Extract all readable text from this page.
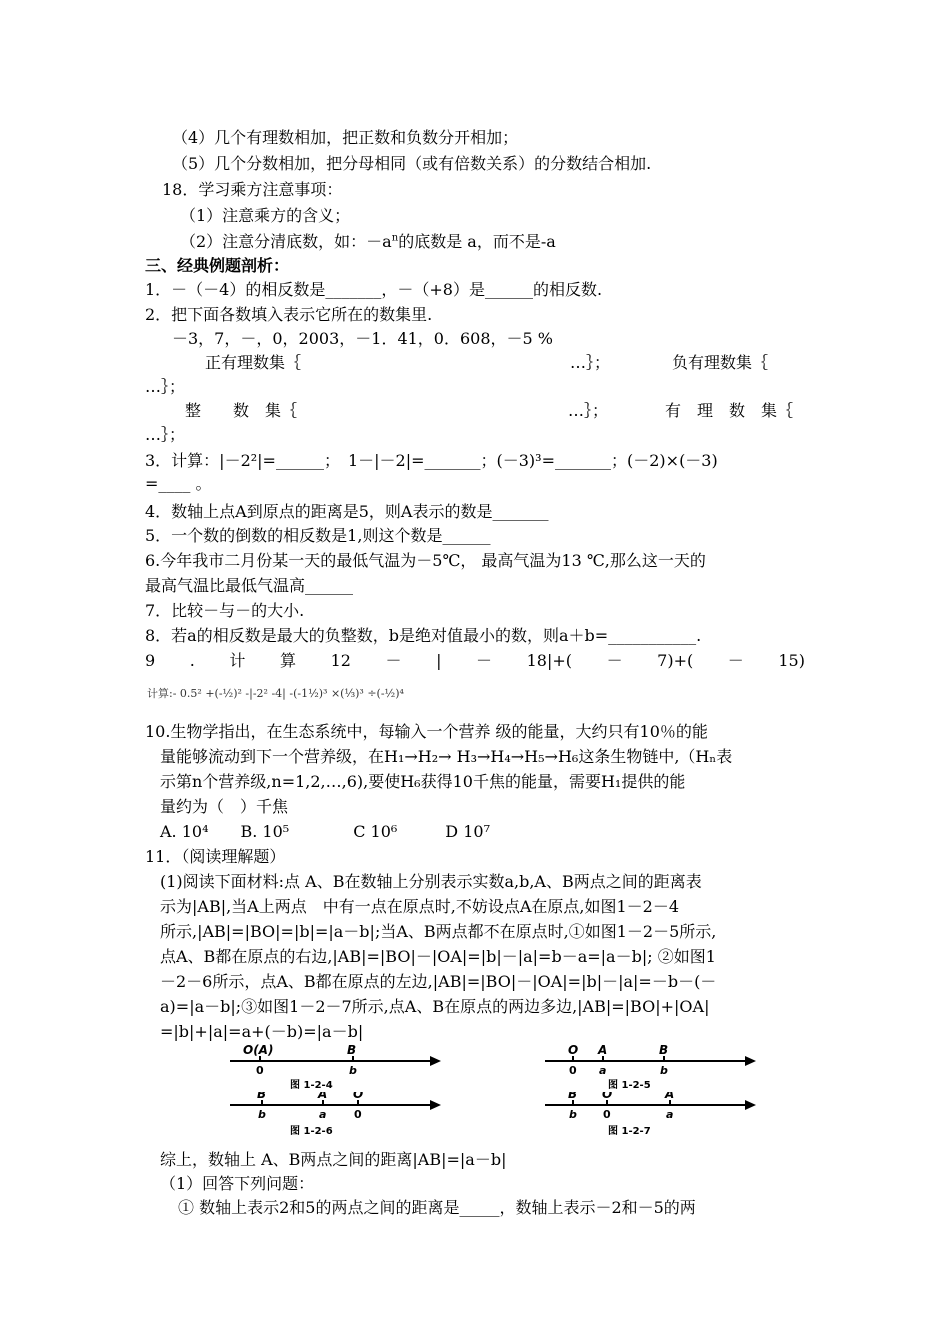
（4）几个有理数相加，把正数和负数分开相加；
（5）几个分数相加，把分母相同（或有倍数关系）的分数结合相加.
18．学习乘方注意事项：
（1）注意乘方的含义；
（2）注意分清底数，如：$-a^n$的底数是 a，而不是-a
三、经典例题剖析：
1．－（－4）的相反数是_______，－（+8）是______的相反数.
2．把下面各数填入表示它所在的数集里.
－3，7，－，0，2003，－1．41，0．608，－5 %
正有理数集｛	…｝；	负有理数集｛
…｝；
整　　数　集｛	…｝；	有　理　数　集｛
…｝；
3．计算：|－2²|=______；　1－|－2|=_______；(－3)³=_______；(－2)×(－3)
=____ 。
4．数轴上点A到原点的距离是5，则A表示的数是_______
5．一个数的倒数的相反数是1,则这个数是______
6.今年我市二月份某一天的最低气温为－5℃， 最高气温为13 ℃,那么这一天的
最高气温比最低气温高______
7．比较－与－的大小.
8．若a的相反数是最大的负整数，b是绝对值最小的数，则a＋b=___________.
9 . 计 算 12 － | － 18|+( － 7)+( － 15)
计算:- 0.5² +(-½)² -|-2² -4| -(-1½)³ ×(⅓)³ ÷(-½)⁴
10.生物学指出，在生态系统中，每输入一个营养 级的能量，大约只有10％的能
量能够流动到下一个营养级，在H₁→H₂→ H₃→H₄→H₅→H₆这条生物链中,（Hₙ表
示第n个营养级,n=1,2,…,6),要使H₆获得10千焦的能量，需要H₁提供的能
量约为（　）千焦
A. 10⁴　　B. 10⁵　　　　C 10⁶　　　D 10⁷
11．（阅读理解题）
(1)阅读下面材料:点 A、B在数轴上分别表示实数a,b,A、B两点之间的距离表
示为|AB|,当A上两点　中有一点在原点时,不妨设点A在原点,如图1－2－4
所示,|AB|=|BO|=|b|=|a－b|;当A、B两点都不在原点时,①如图1－2－5所示,
点A、B都在原点的右边,|AB|=|BO|－|OA|=|b|－|a|=b－a=|a－b|; ②如图1
－2－6所示，点A、B都在原点的左边,|AB|=|BO|－|OA|=|b|－|a|=－b－(－
a)=|a－b|;③如图1－2－7所示,点A、B在原点的两边多边,|AB|=|BO|+|OA|
=|b|+|a|=a+(－b)=|a－b|
O(A)	B
0	b
图 1-2-4
O A	B
0 a	b
图 1-2-5
B	A O
b	a	0
图 1-2-6
B O	A
b 0	a
图 1-2-7
综上，数轴上 A、B两点之间的距离|AB|=|a－b|
（1）回答下列问题：
① 数轴上表示2和5的两点之间的距离是_____，数轴上表示－2和－5的两
